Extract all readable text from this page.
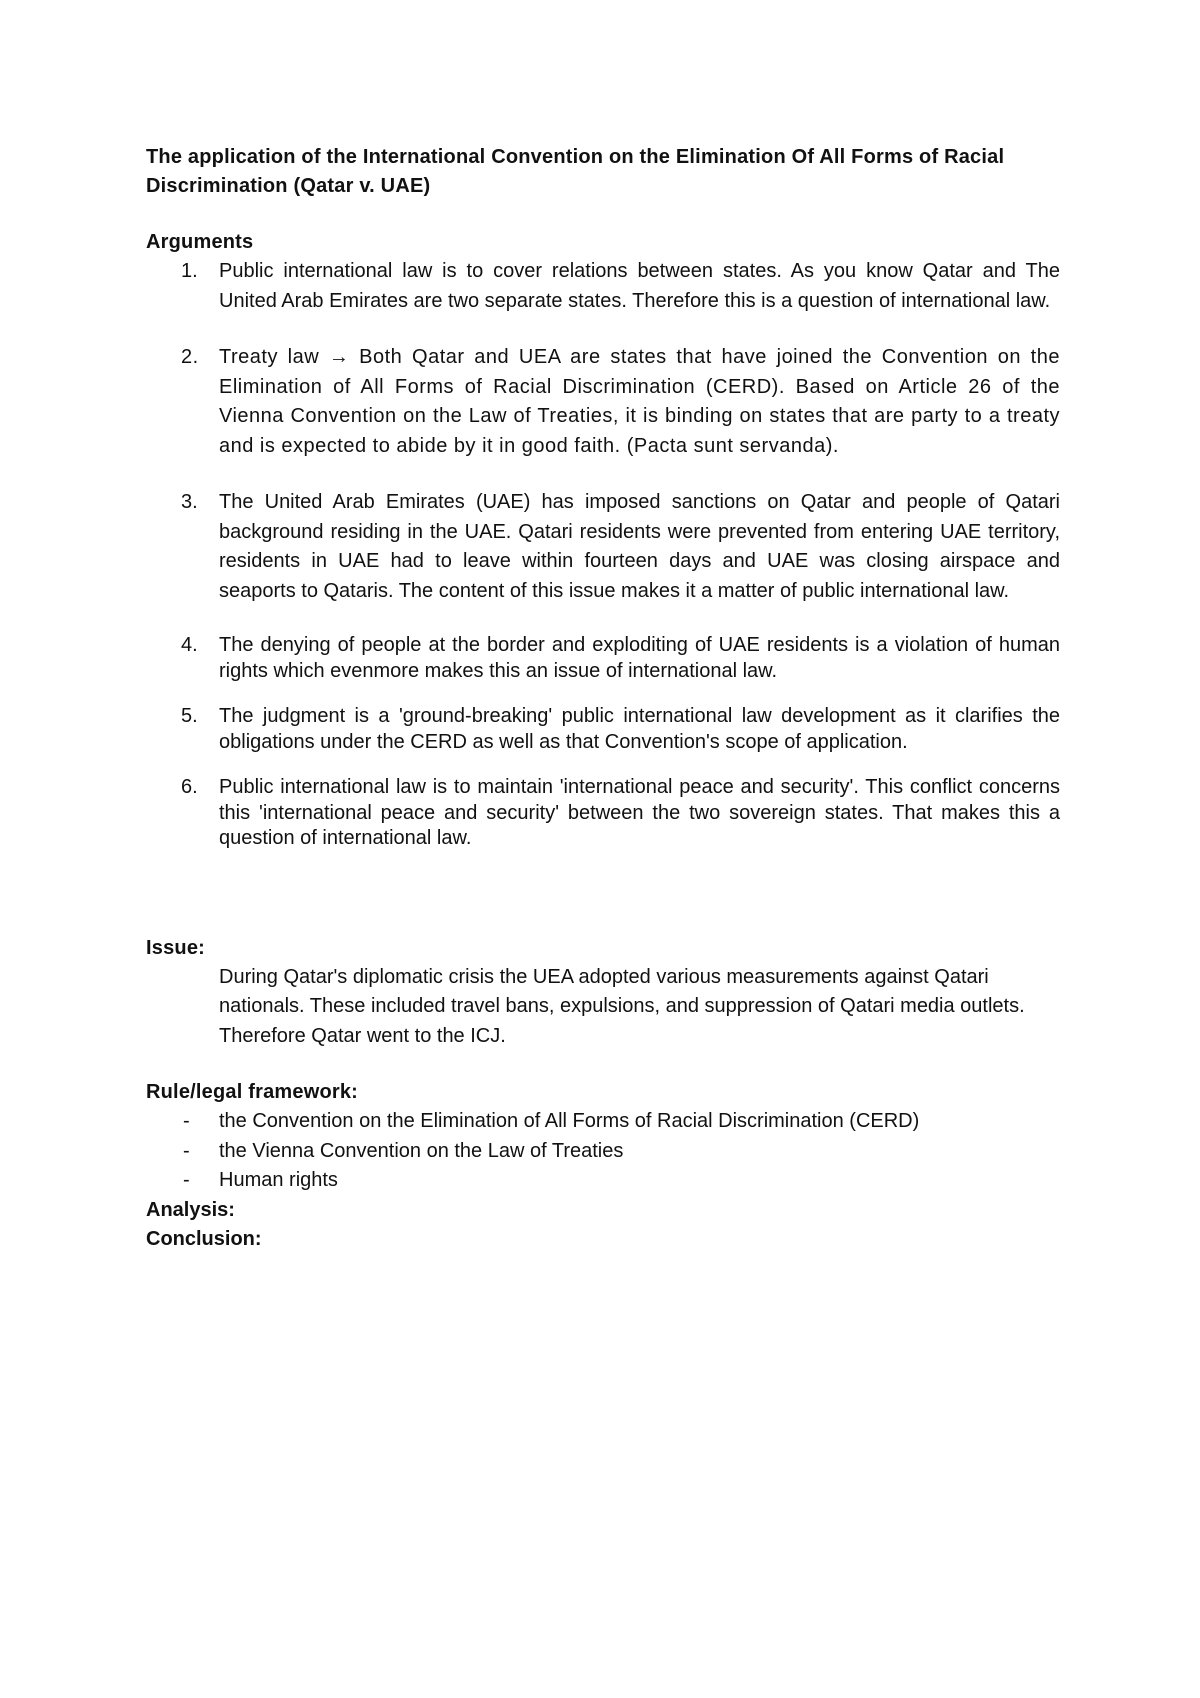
The application of the International Convention on the Elimination Of All Forms of Racial Discrimination (Qatar v. UAE)

Arguments

1.	Public international law is to cover relations between states. As you know Qatar and The United Arab Emirates are two separate states. Therefore this is a question of international law.
2.	Treaty law → Both Qatar and UEA are states that have joined the Convention on the Elimination of All Forms of Racial Discrimination (CERD). Based on Article 26 of the Vienna Convention on the Law of Treaties, it is binding on states that are party to a treaty and is expected to abide by it in good faith. (Pacta sunt servanda).
3.	The United Arab Emirates (UAE) has imposed sanctions on Qatar and people of Qatari background residing in the UAE. Qatari residents were prevented from entering UAE territory, residents in UAE had to leave within fourteen days and UAE was closing airspace and seaports to Qataris. The content of this issue makes it a matter of public international law.
4.	The denying of people at the border and exploditing of UAE residents is a violation of human rights which evenmore makes this an issue of international law.
5.	The judgment is a 'ground-breaking' public international law development as it clarifies the obligations under the CERD as well as that Convention's scope of application.
6.	Public international law is to maintain 'international peace and security'. This conflict concerns this 'international peace and security' between the two sovereign states. That makes this a question of international law.

Issue:

During Qatar's diplomatic crisis the UEA adopted various measurements against Qatari nationals. These included travel bans, expulsions, and suppression of Qatari media outlets. Therefore Qatar went to the ICJ.

Rule/legal framework:

- the Convention on the Elimination of All Forms of Racial Discrimination (CERD)
- the Vienna Convention on the Law of Treaties
- Human rights

Analysis:

Conclusion:
